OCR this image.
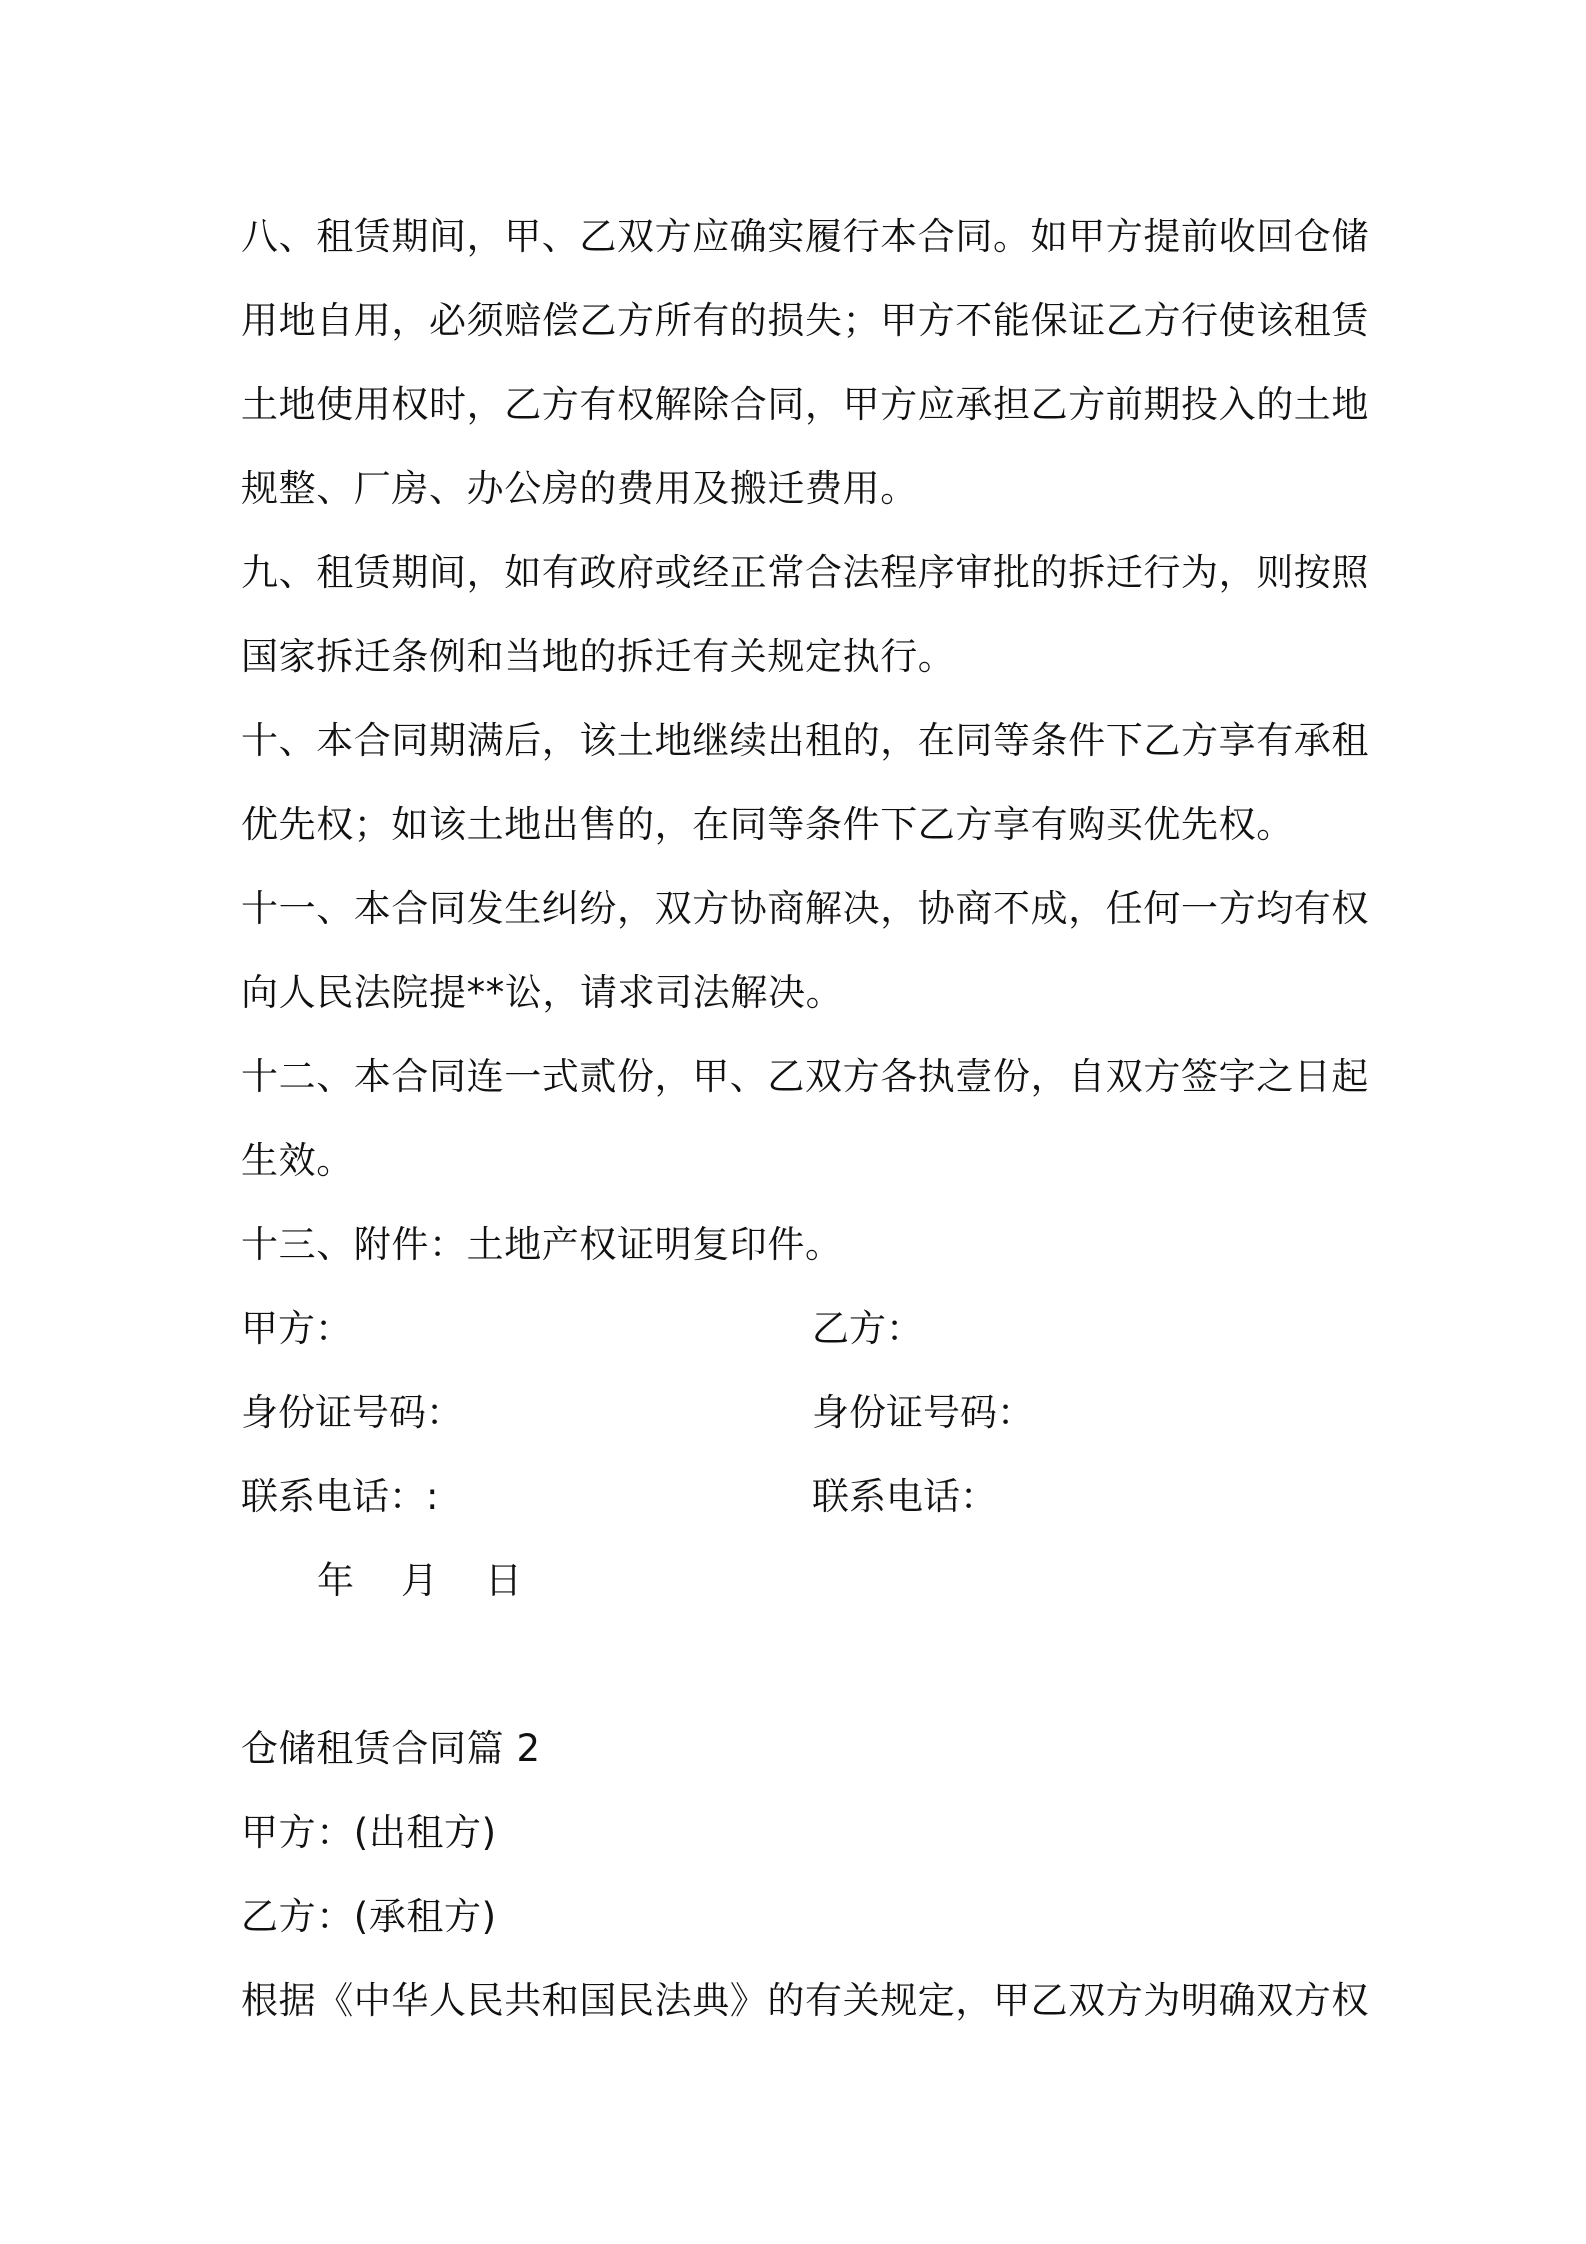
八、租赁期间，甲、乙双方应确实履行本合同。如甲方提前收回仓储
用地自用，必须赔偿乙方所有的损失；甲方不能保证乙方行使该租赁
土地使用权时，乙方有权解除合同，甲方应承担乙方前期投入的土地
规整、厂房、办公房的费用及搬迁费用。
九、租赁期间，如有政府或经正常合法程序审批的拆迁行为，则按照
国家拆迁条例和当地的拆迁有关规定执行。
十、本合同期满后，该土地继续出租的，在同等条件下乙方享有承租
优先权；如该土地出售的，在同等条件下乙方享有购买优先权。
十一、本合同发生纠纷，双方协商解决，协商不成，任何一方均有权
向人民法院提**讼，请求司法解决。
十二、本合同连一式贰份，甲、乙双方各执壹份，自双方签字之日起
生效。
十三、附件：土地产权证明复印件。
甲方：	乙方：
身份证号码：	身份证号码：
联系电话：:	联系电话：
年 月 日
仓储租赁合同篇 2
甲方：(出租方)
乙方：(承租方)
根据《中华人民共和国民法典》的有关规定，甲乙双方为明确双方权
